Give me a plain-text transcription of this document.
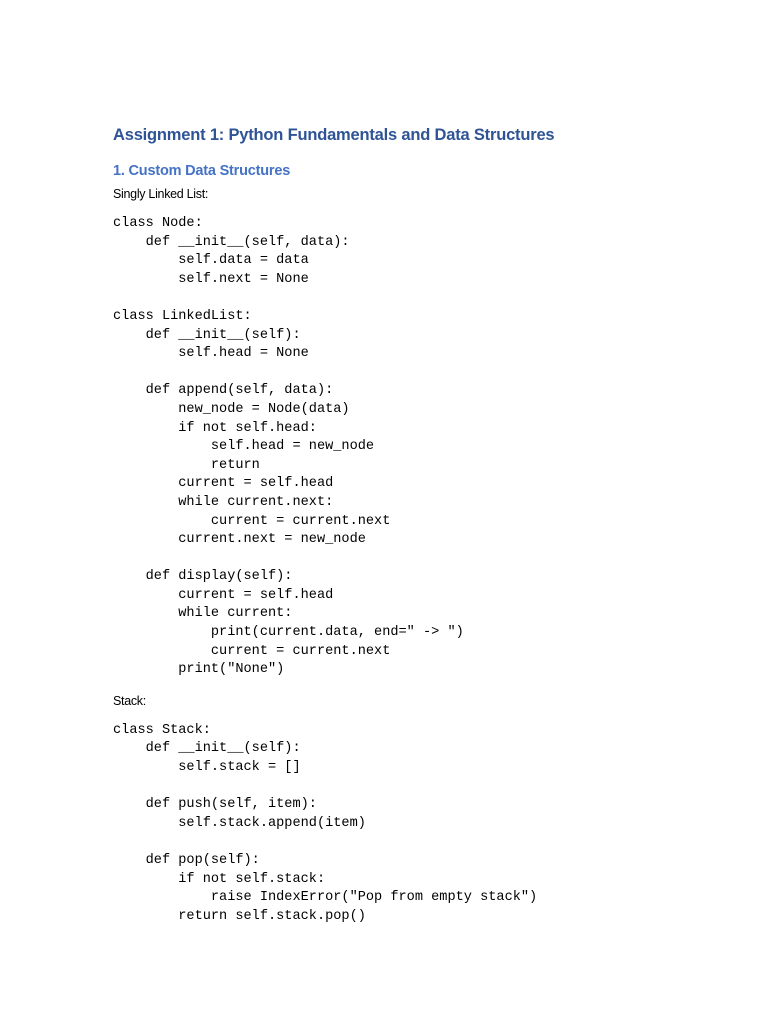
Assignment 1: Python Fundamentals and Data Structures
1. Custom Data Structures

Singly Linked List:

class Node:
def __init__(self, data):
self.data = data
self.next = None
class LinkedList:
def __init__(self):
self.head = None
def append(self, data):
new_node = Node(data)
if not self.head:
self.head = new_node
return
current = self.head
while current.next:
current = current.next
current.next = new_node
def display(self):
current = self.head
while current:
print(current.data, end=" -> ")
current = current.next
print("None")

Stack:

class Stack:
def __init__(self):
self.stack = []
def push(self, item):
self.stack.append(item)
def pop(self):
if not self.stack:
raise IndexError("Pop from empty stack")
return self.stack.pop()
